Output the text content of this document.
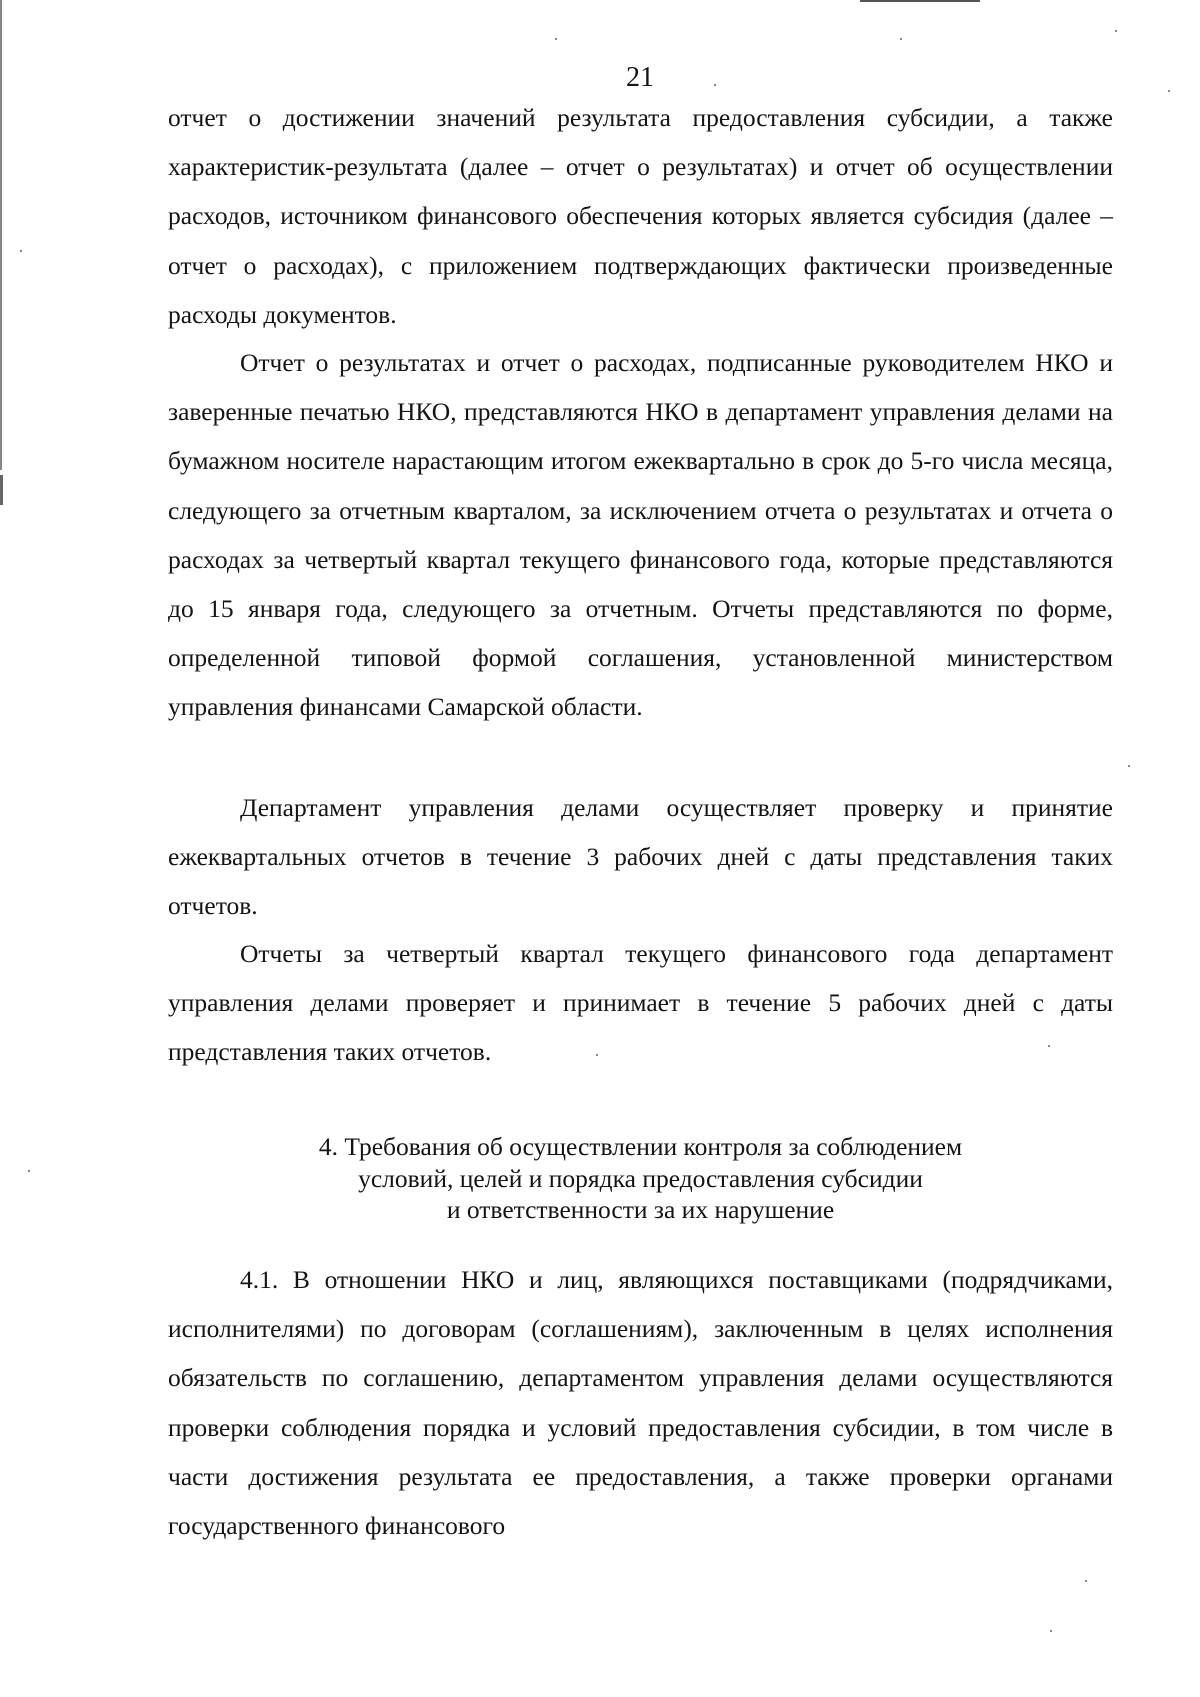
21

отчет о достижении значений результата предоставления субсидии, а также характеристик-результата (далее – отчет о результатах) и отчет об осуществлении расходов, источником финансового обеспечения которых является субсидия (далее – отчет о расходах), с приложением подтверждающих фактически произведенные расходы документов.

Отчет о результатах и отчет о расходах, подписанные руководителем НКО и заверенные печатью НКО, представляются НКО в департамент управления делами на бумажном носителе нарастающим итогом ежеквартально в срок до 5-го числа месяца, следующего за отчетным кварталом, за исключением отчета о результатах и отчета о расходах за четвертый квартал текущего финансового года, которые представляются до 15 января года, следующего за отчетным. Отчеты представляются по форме, определенной типовой формой соглашения, установленной министерством управления финансами Самарской области.

Департамент управления делами осуществляет проверку и принятие ежеквартальных отчетов в течение 3 рабочих дней с даты представления таких отчетов.

Отчеты за четвертый квартал текущего финансового года департамент управления делами проверяет и принимает в течение 5 рабочих дней с даты представления таких отчетов.

4. Требования об осуществлении контроля за соблюдением
условий, целей и порядка предоставления субсидии
и ответственности за их нарушение

4.1. В отношении НКО и лиц, являющихся поставщиками (подрядчиками, исполнителями) по договорам (соглашениям), заключенным в целях исполнения обязательств по соглашению, департаментом управления делами осуществляются проверки соблюдения порядка и условий предоставления субсидии, в том числе в части достижения результата ее предоставления, а также проверки органами государственного финансового
